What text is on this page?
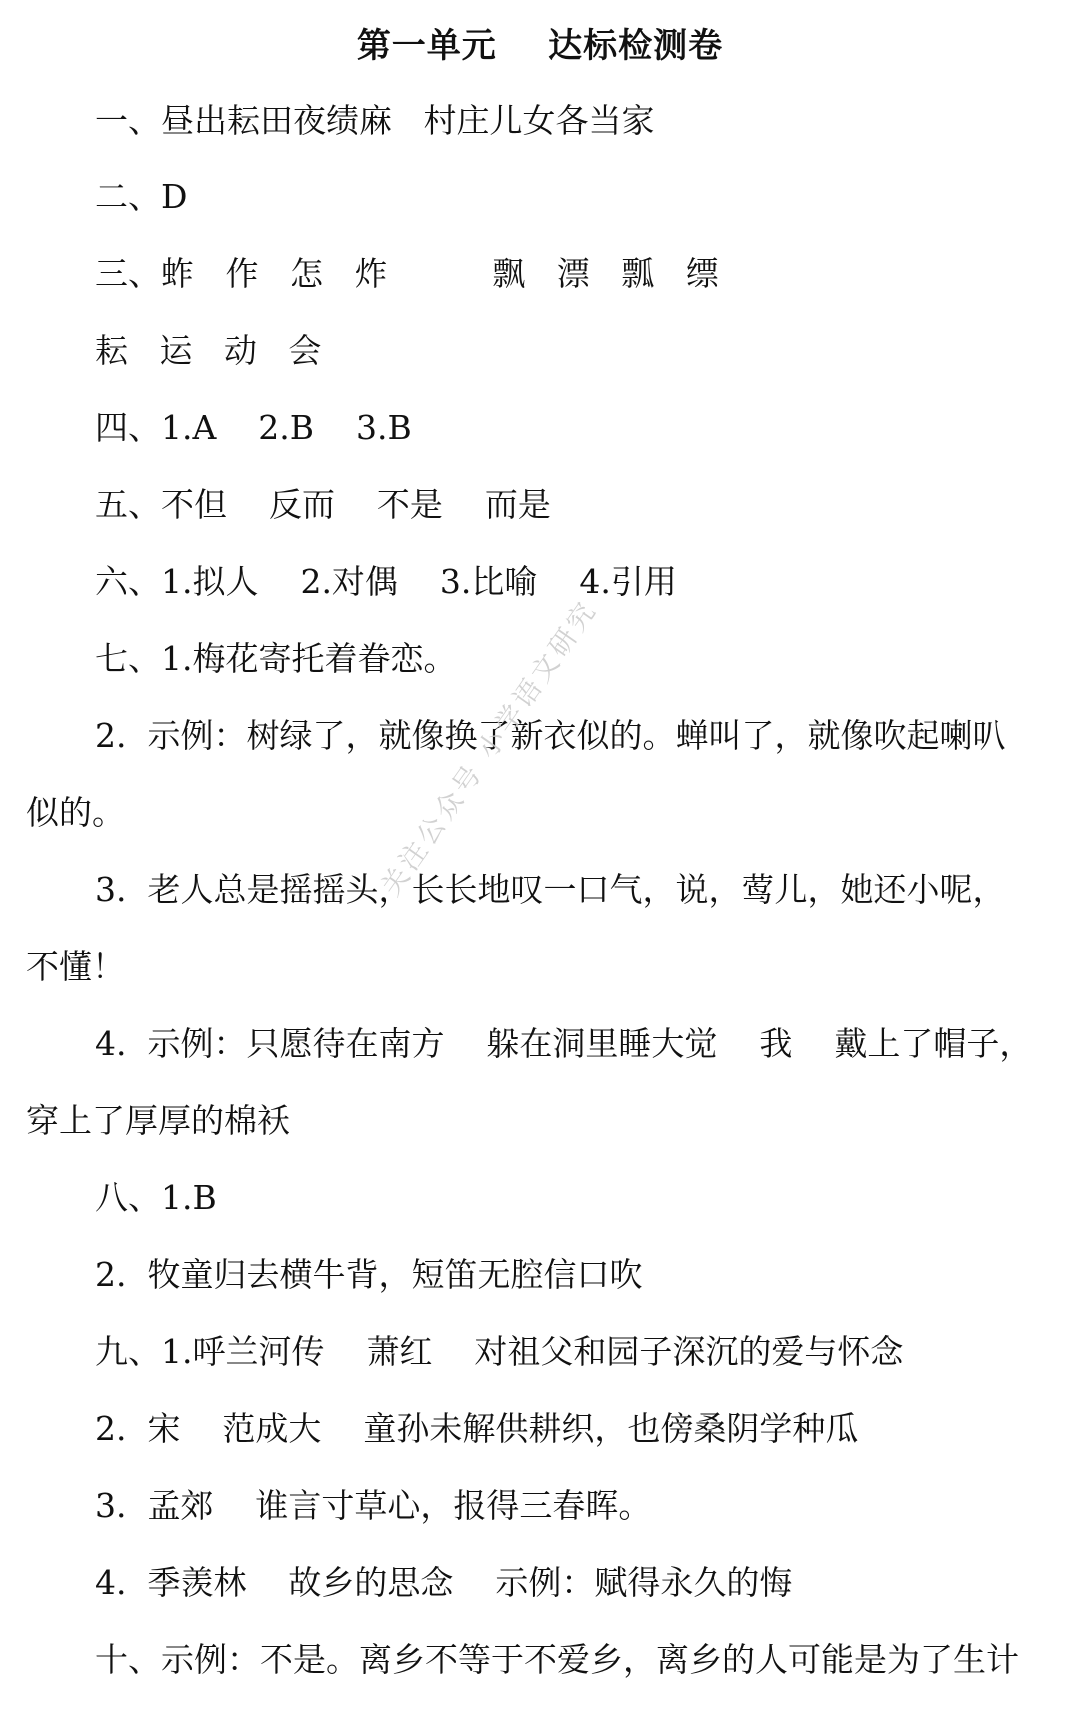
第一单元    达标检测卷
一、昼出耘田夜绩麻   村庄儿女各当家
二、D
三、蚱   作   怎   炸          飘   漂   瓢   缥
耘   运   动   会
四、1.A    2.B    3.B
五、不但    反而    不是    而是
六、1.拟人    2.对偶    3.比喻    4.引用
七、1.梅花寄托着眷恋。
2.  示例：树绿了，就像换了新衣似的。蝉叫了，就像吹起喇叭
似的。
3.  老人总是摇摇头，长长地叹一口气，说，莺儿，她还小呢，
不懂！
4.  示例：只愿待在南方    躲在洞里睡大觉    我    戴上了帽子，
穿上了厚厚的棉袄
八、1.B
2.  牧童归去横牛背，短笛无腔信口吹
九、1.呼兰河传    萧红    对祖父和园子深沉的爱与怀念
2.  宋    范成大    童孙未解供耕织，也傍桑阴学种瓜
3.  孟郊    谁言寸草心，报得三春晖。
4.  季羡林    故乡的思念    示例：赋得永久的悔
十、示例：不是。离乡不等于不爱乡，离乡的人可能是为了生计
关注公众号 小学语文研究
